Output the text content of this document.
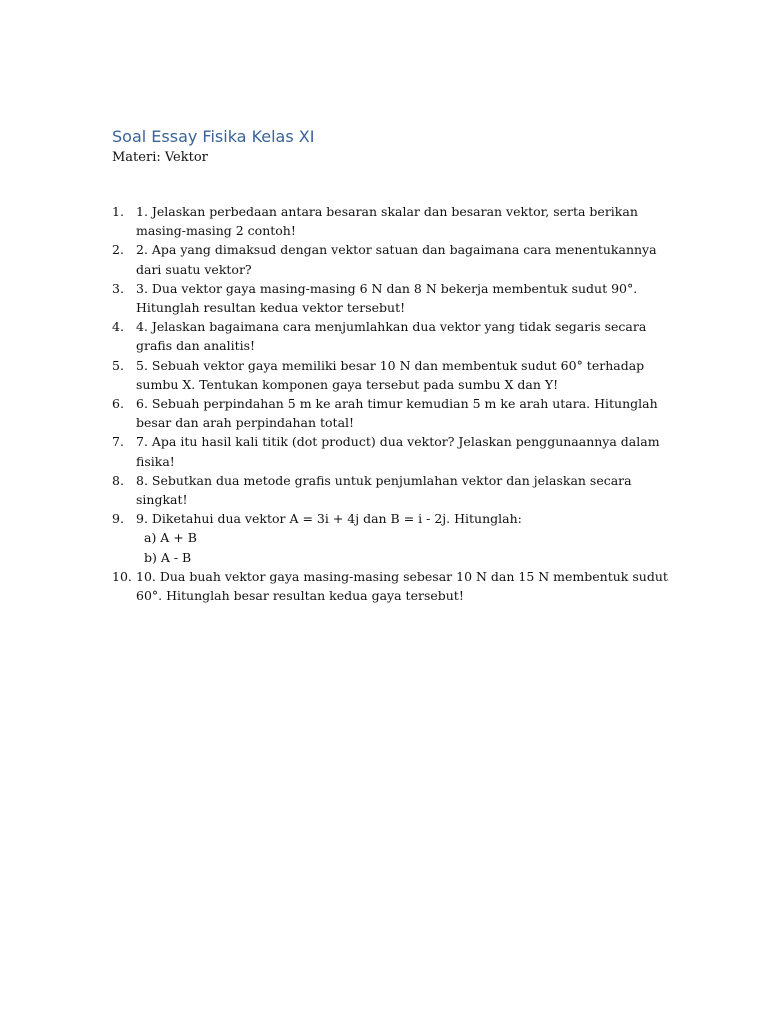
Soal Essay Fisika Kelas XI

Materi: Vektor

1. 1. Jelaskan perbedaan antara besaran skalar dan besaran vektor, serta berikan masing-masing 2 contoh!
2. 2. Apa yang dimaksud dengan vektor satuan dan bagaimana cara menentukannya dari suatu vektor?
3. 3. Dua vektor gaya masing-masing 6 N dan 8 N bekerja membentuk sudut 90°. Hitunglah resultan kedua vektor tersebut!
4. 4. Jelaskan bagaimana cara menjumlahkan dua vektor yang tidak segaris secara grafis dan analitis!
5. 5. Sebuah vektor gaya memiliki besar 10 N dan membentuk sudut 60° terhadap sumbu X. Tentukan komponen gaya tersebut pada sumbu X dan Y!
6. 6. Sebuah perpindahan 5 m ke arah timur kemudian 5 m ke arah utara. Hitunglah besar dan arah perpindahan total!
7. 7. Apa itu hasil kali titik (dot product) dua vektor? Jelaskan penggunaannya dalam fisika!
8. 8. Sebutkan dua metode grafis untuk penjumlahan vektor dan jelaskan secara singkat!
9. 9. Diketahui dua vektor A = 3i + 4j dan B = i - 2j. Hitunglah:
a) A + B
b) A - B
10. 10. Dua buah vektor gaya masing-masing sebesar 10 N dan 15 N membentuk sudut 60°. Hitunglah besar resultan kedua gaya tersebut!
